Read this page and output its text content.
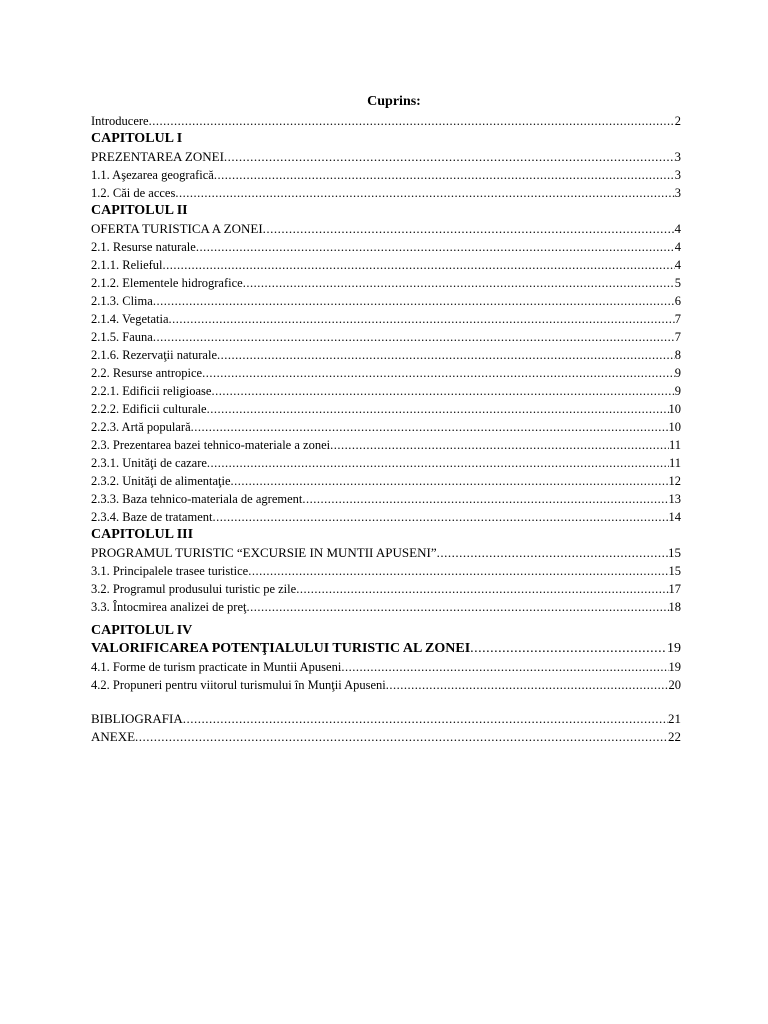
Cuprins:
Introducere .....	2
CAPITOLUL I
PREZENTAREA ZONEI .....	3
1.1. Aşezarea geografică .....	3
1.2. Căi de acces .....	3
CAPITOLUL II
OFERTA TURISTICA A ZONEI .....	4
2.1. Resurse naturale .....	4
2.1.1. Relieful .....	4
2.1.2. Elementele hidrografice .....	5
2.1.3. Clima .....	6
2.1.4. Vegetatia .....	7
2.1.5. Fauna .....	7
2.1.6. Rezervaţii naturale .....	8
2.2. Resurse antropice .....	9
2.2.1. Edificii religioase .....	9
2.2.2. Edificii culturale .....	10
2.2.3. Artă populară .....	10
2.3. Prezentarea bazei tehnico-materiale a zonei .....	11
2.3.1. Unităţi de cazare .....	11
2.3.2. Unităţi de alimentaţie .....	12
2.3.3. Baza tehnico-materiala de agrement .....	13
2.3.4. Baze de tratament .....	14
CAPITOLUL III
PROGRAMUL TURISTIC “EXCURSIE IN MUNTII APUSENI” .....	15
3.1. Principalele trasee turistice .....	15
3.2. Programul produsului turistic pe zile .....	17
3.3. Întocmirea analizei de preţ .....	18
CAPITOLUL IV
VALORIFICAREA POTENŢIALULUI TURISTIC AL ZONEI .....	19
4.1. Forme de turism practicate in Muntii Apuseni .....	19
4.2. Propuneri pentru viitorul turismului în Munţii Apuseni .....	20
BIBLIOGRAFIA .....	21
ANEXE .....	22
